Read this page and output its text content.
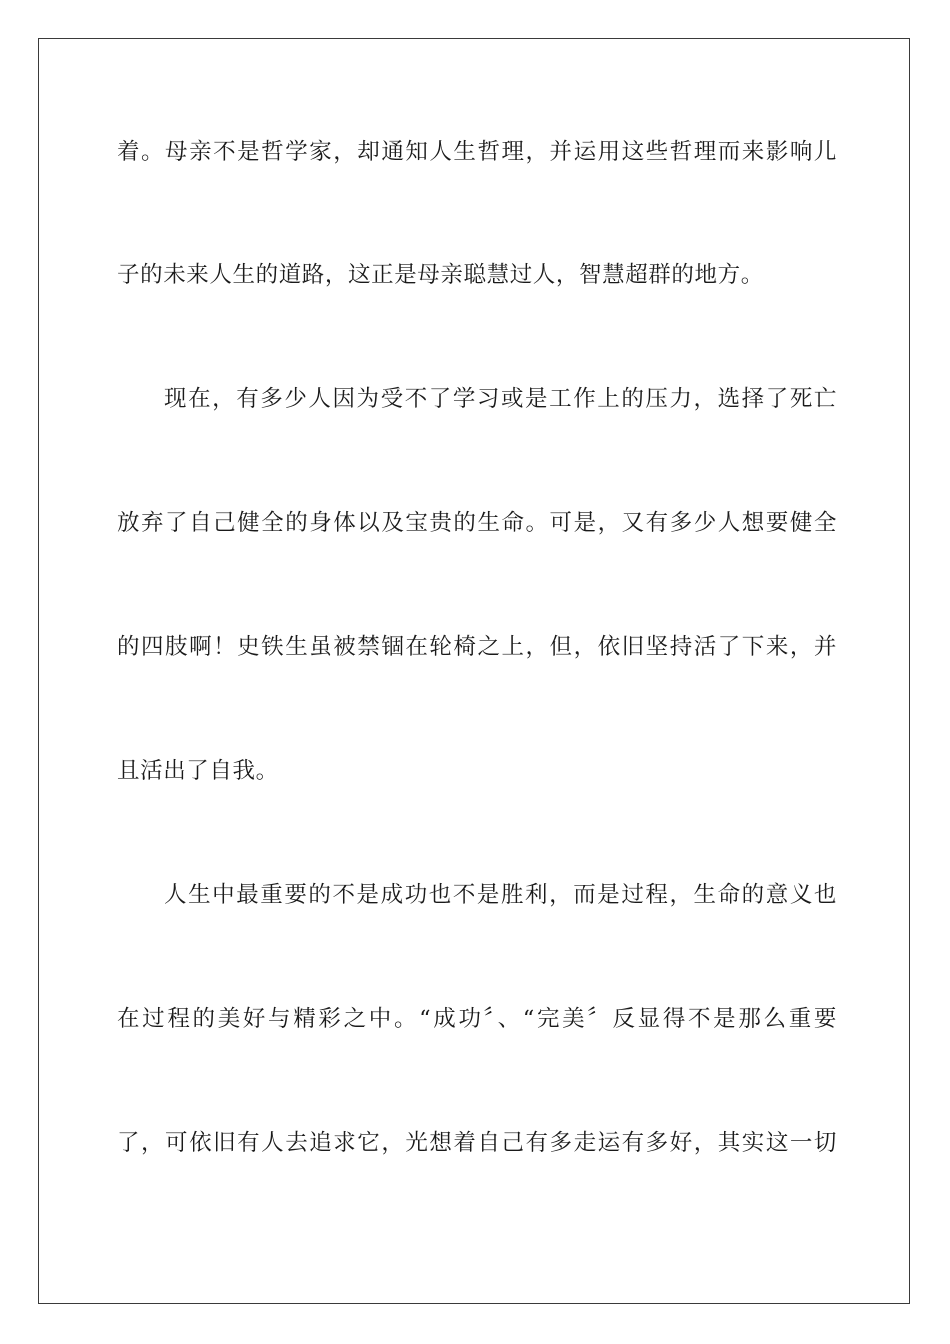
着。母亲不是哲学家，却通知人生哲理，并运用这些哲理而来影响儿
子的未来人生的道路，这正是母亲聪慧过人，智慧超群的地方。
现在，有多少人因为受不了学习或是工作上的压力，选择了死亡
放弃了自己健全的身体以及宝贵的生命。可是，又有多少人想要健全
的四肢啊！史铁生虽被禁锢在轮椅之上，但，依旧坚持活了下来，并
且活出了自我。
人生中最重要的不是成功也不是胜利，而是过程，生命的意义也
在过程的美好与精彩之中。“成功〞、“完美〞反显得不是那么重要
了，可依旧有人去追求它，光想着自己有多走运有多好，其实这一切
